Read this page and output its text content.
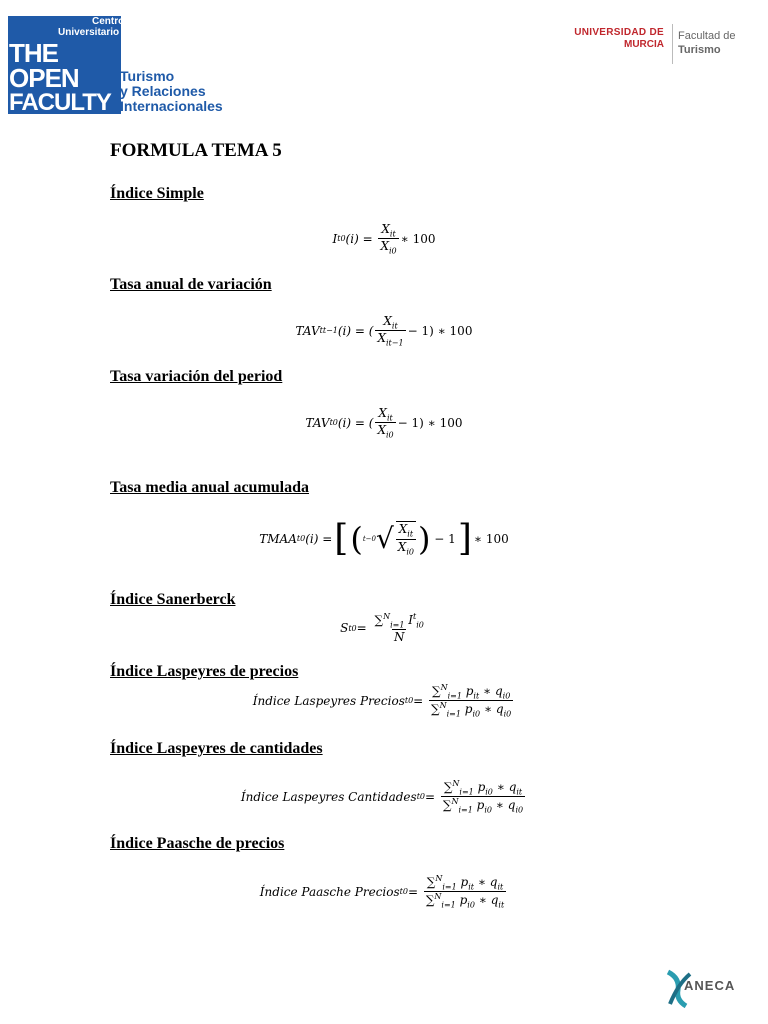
Centro
Universitario
THE
OPEN
FACULTY
Turismo
y Relaciones
Internacionales
UNIVERSIDAD DE
MURCIA
Facultad de
Turismo
FORMULA TEMA 5
Índice Simple
I t 0 $(i) = \frac{X_{it}}{X_{i0}}$ ∗ 100
Tasa anual de variación
TAV t t−1 (i) = ( $\frac{X_{it}}{X_{it-1}} - 1$) ∗ 100
Tasa variación del period
TAV t 0 (i) = ( $\frac{X_{it}}{X_{i0}} - 1$) ∗ 100
Tasa media anual acumulada
TMAA t 0 (i) = [ ( t−0 √ $\frac{X_{it}}{X_{i0}}$ ) − 1 ] ∗ 100
Índice Sanerberck
S t $0 = \frac{\sum^N_{i=1} I^t_{i0}}{N}$
Índice Laspeyres de precios
Índice Laspeyres Precios t $0 = \frac{\sum^N_{i=1} p_{it} ∗ q_{i0}}{\sum^N_{i=1} p_{i0} ∗ q_{i0}}$
Índice Laspeyres de cantidades
Índice Laspeyres Cantidades t $0 = \frac{\sum^N_{i=1} p_{i0} ∗ q_{it}}{\sum^N_{i=1} p_{i0} ∗ q_{i0}}$
Índice Paasche de precios
Índice Paasche Precios t $0 = \frac{\sum^N_{i=1} p_{it} ∗ q_{it}}{\sum^N_{i=1} p_{i0} ∗ q_{it}}$
ANECA
